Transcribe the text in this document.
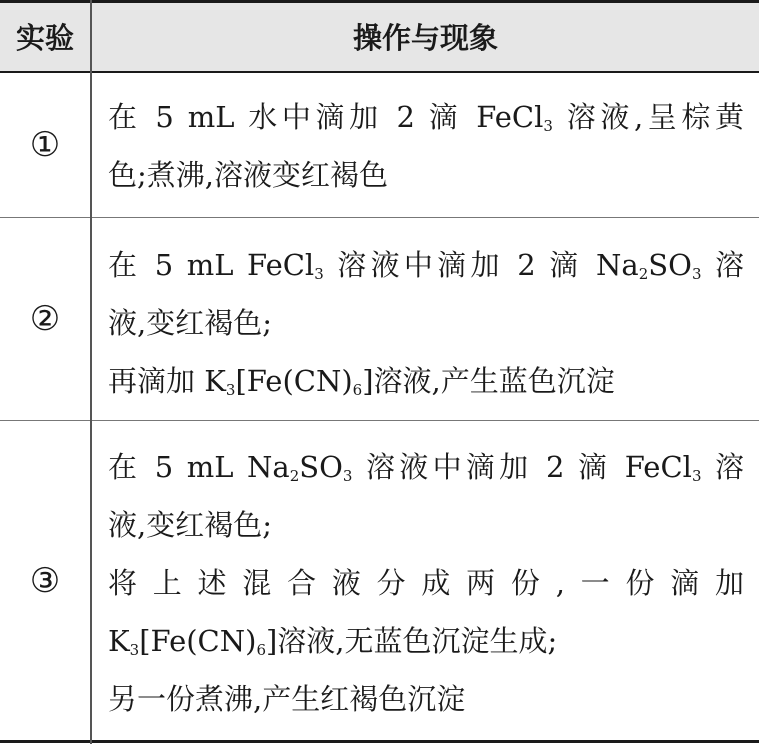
实验	操作与现象
①
在 5 mL 水中滴加 2 滴 FeCl$_3$ 溶液,呈棕黄
色;煮沸,溶液变红褐色
②
在 5 mL FeCl$_3$ 溶液中滴加 2 滴 $Na_2SO_3$ 溶
液,变红褐色;
再滴加 $K_3[Fe(CN)_6]$溶液,产生蓝色沉淀
③
在 5 mL $Na_2SO_3$ 溶液中滴加 2 滴 FeCl$_3$ 溶
液,变红褐色;
将上述混合液分成两份,一份滴加
$K_3[Fe(CN)_6]$溶液,无蓝色沉淀生成;
另一份煮沸,产生红褐色沉淀
